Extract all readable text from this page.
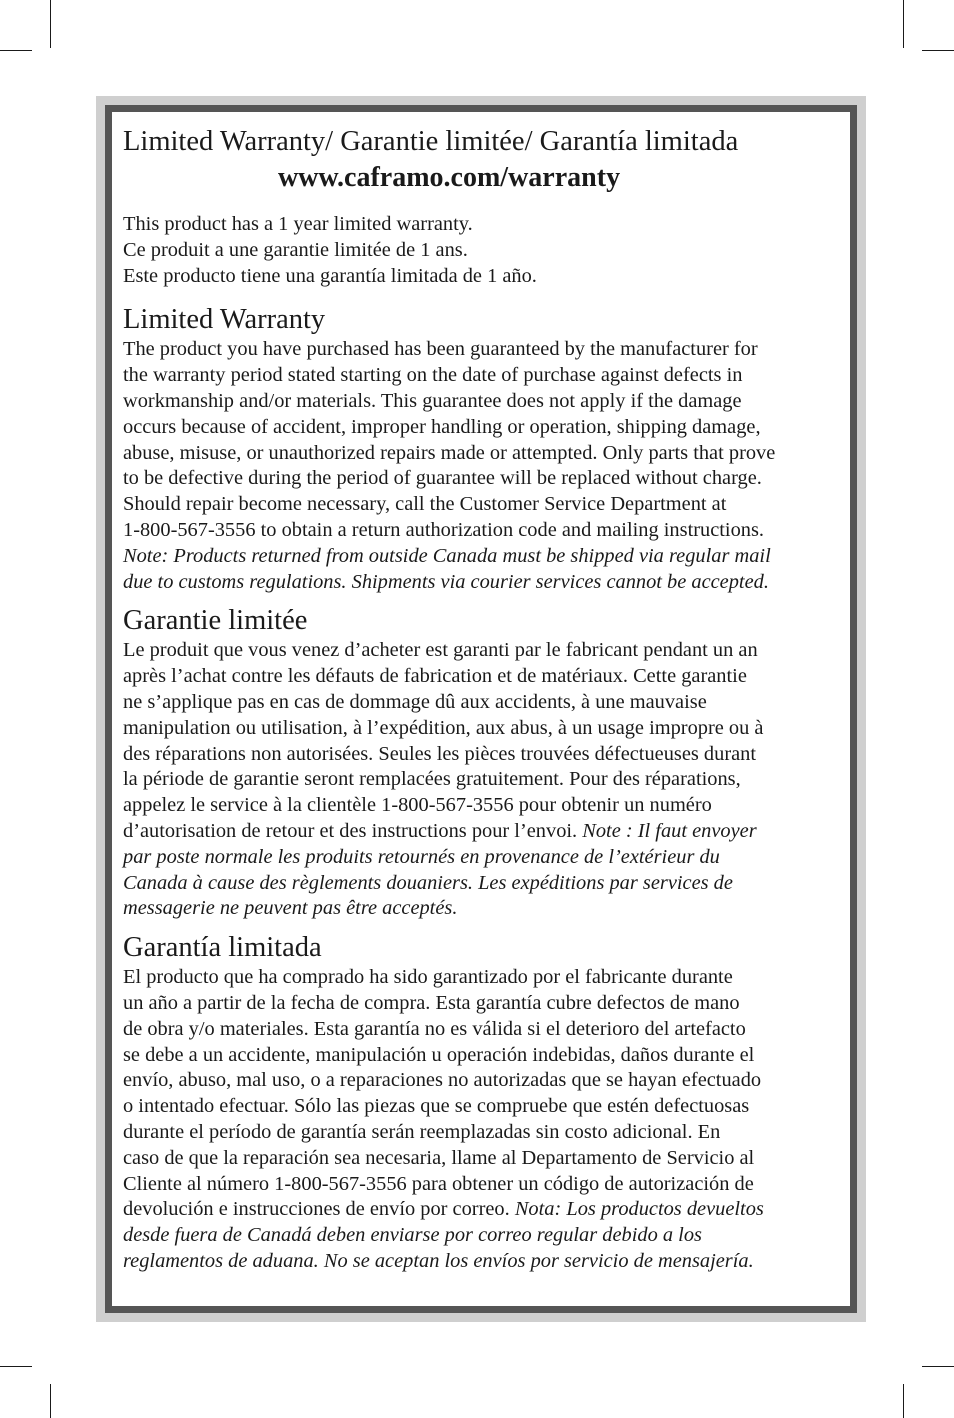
Limited Warranty/ Garantie limitée/ Garantía limitada
www.caframo.com/warranty
This product has a 1 year limited warranty.
Ce produit a une garantie limitée de 1 ans.
Este producto tiene una garantía limitada de 1 año.
Limited Warranty
The product you have purchased has been guaranteed by the manufacturer for
the warranty period stated starting on the date of purchase against defects in
workmanship and/or materials. This guarantee does not apply if the damage
occurs because of accident, improper handling or operation, shipping damage,
abuse, misuse, or unauthorized repairs made or attempted. Only parts that prove
to be defective during the period of guarantee will be replaced without charge.
Should repair become necessary, call the Customer Service Department at
1-800-567-3556 to obtain a return authorization code and mailing instructions.
Note: Products returned from outside Canada must be shipped via regular mail
due to customs regulations. Shipments via courier services cannot be accepted.
Garantie limitée
Le produit que vous venez d’acheter est garanti par le fabricant pendant un an
après l’achat contre les défauts de fabrication et de matériaux. Cette garantie
ne s’applique pas en cas de dommage dû aux accidents, à une mauvaise
manipulation ou utilisation, à l’expédition, aux abus, à un usage impropre ou à
des réparations non autorisées. Seules les pièces trouvées défectueuses durant
la période de garantie seront remplacées gratuitement. Pour des réparations,
appelez le service à la clientèle 1-800-567-3556 pour obtenir un numéro
d’autorisation de retour et des instructions pour l’envoi. Note : Il faut envoyer
par poste normale les produits retournés en provenance de l’extérieur du
Canada à cause des règlements douaniers. Les expéditions par services de
messagerie ne peuvent pas être acceptés.
Garantía limitada
El producto que ha comprado ha sido garantizado por el fabricante durante
un año a partir de la fecha de compra. Esta garantía cubre defectos de mano
de obra y/o materiales. Esta garantía no es válida si el deterioro del artefacto
se debe a un accidente, manipulación u operación indebidas, daños durante el
envío, abuso, mal uso, o a reparaciones no autorizadas que se hayan efectuado
o intentado efectuar. Sólo las piezas que se compruebe que estén defectuosas
durante el período de garantía serán reemplazadas sin costo adicional. En
caso de que la reparación sea necesaria, llame al Departamento de Servicio al
Cliente al número 1-800-567-3556 para obtener un código de autorización de
devolución e instrucciones de envío por correo. Nota: Los productos devueltos
desde fuera de Canadá deben enviarse por correo regular debido a los
reglamentos de aduana. No se aceptan los envíos por servicio de mensajería.
